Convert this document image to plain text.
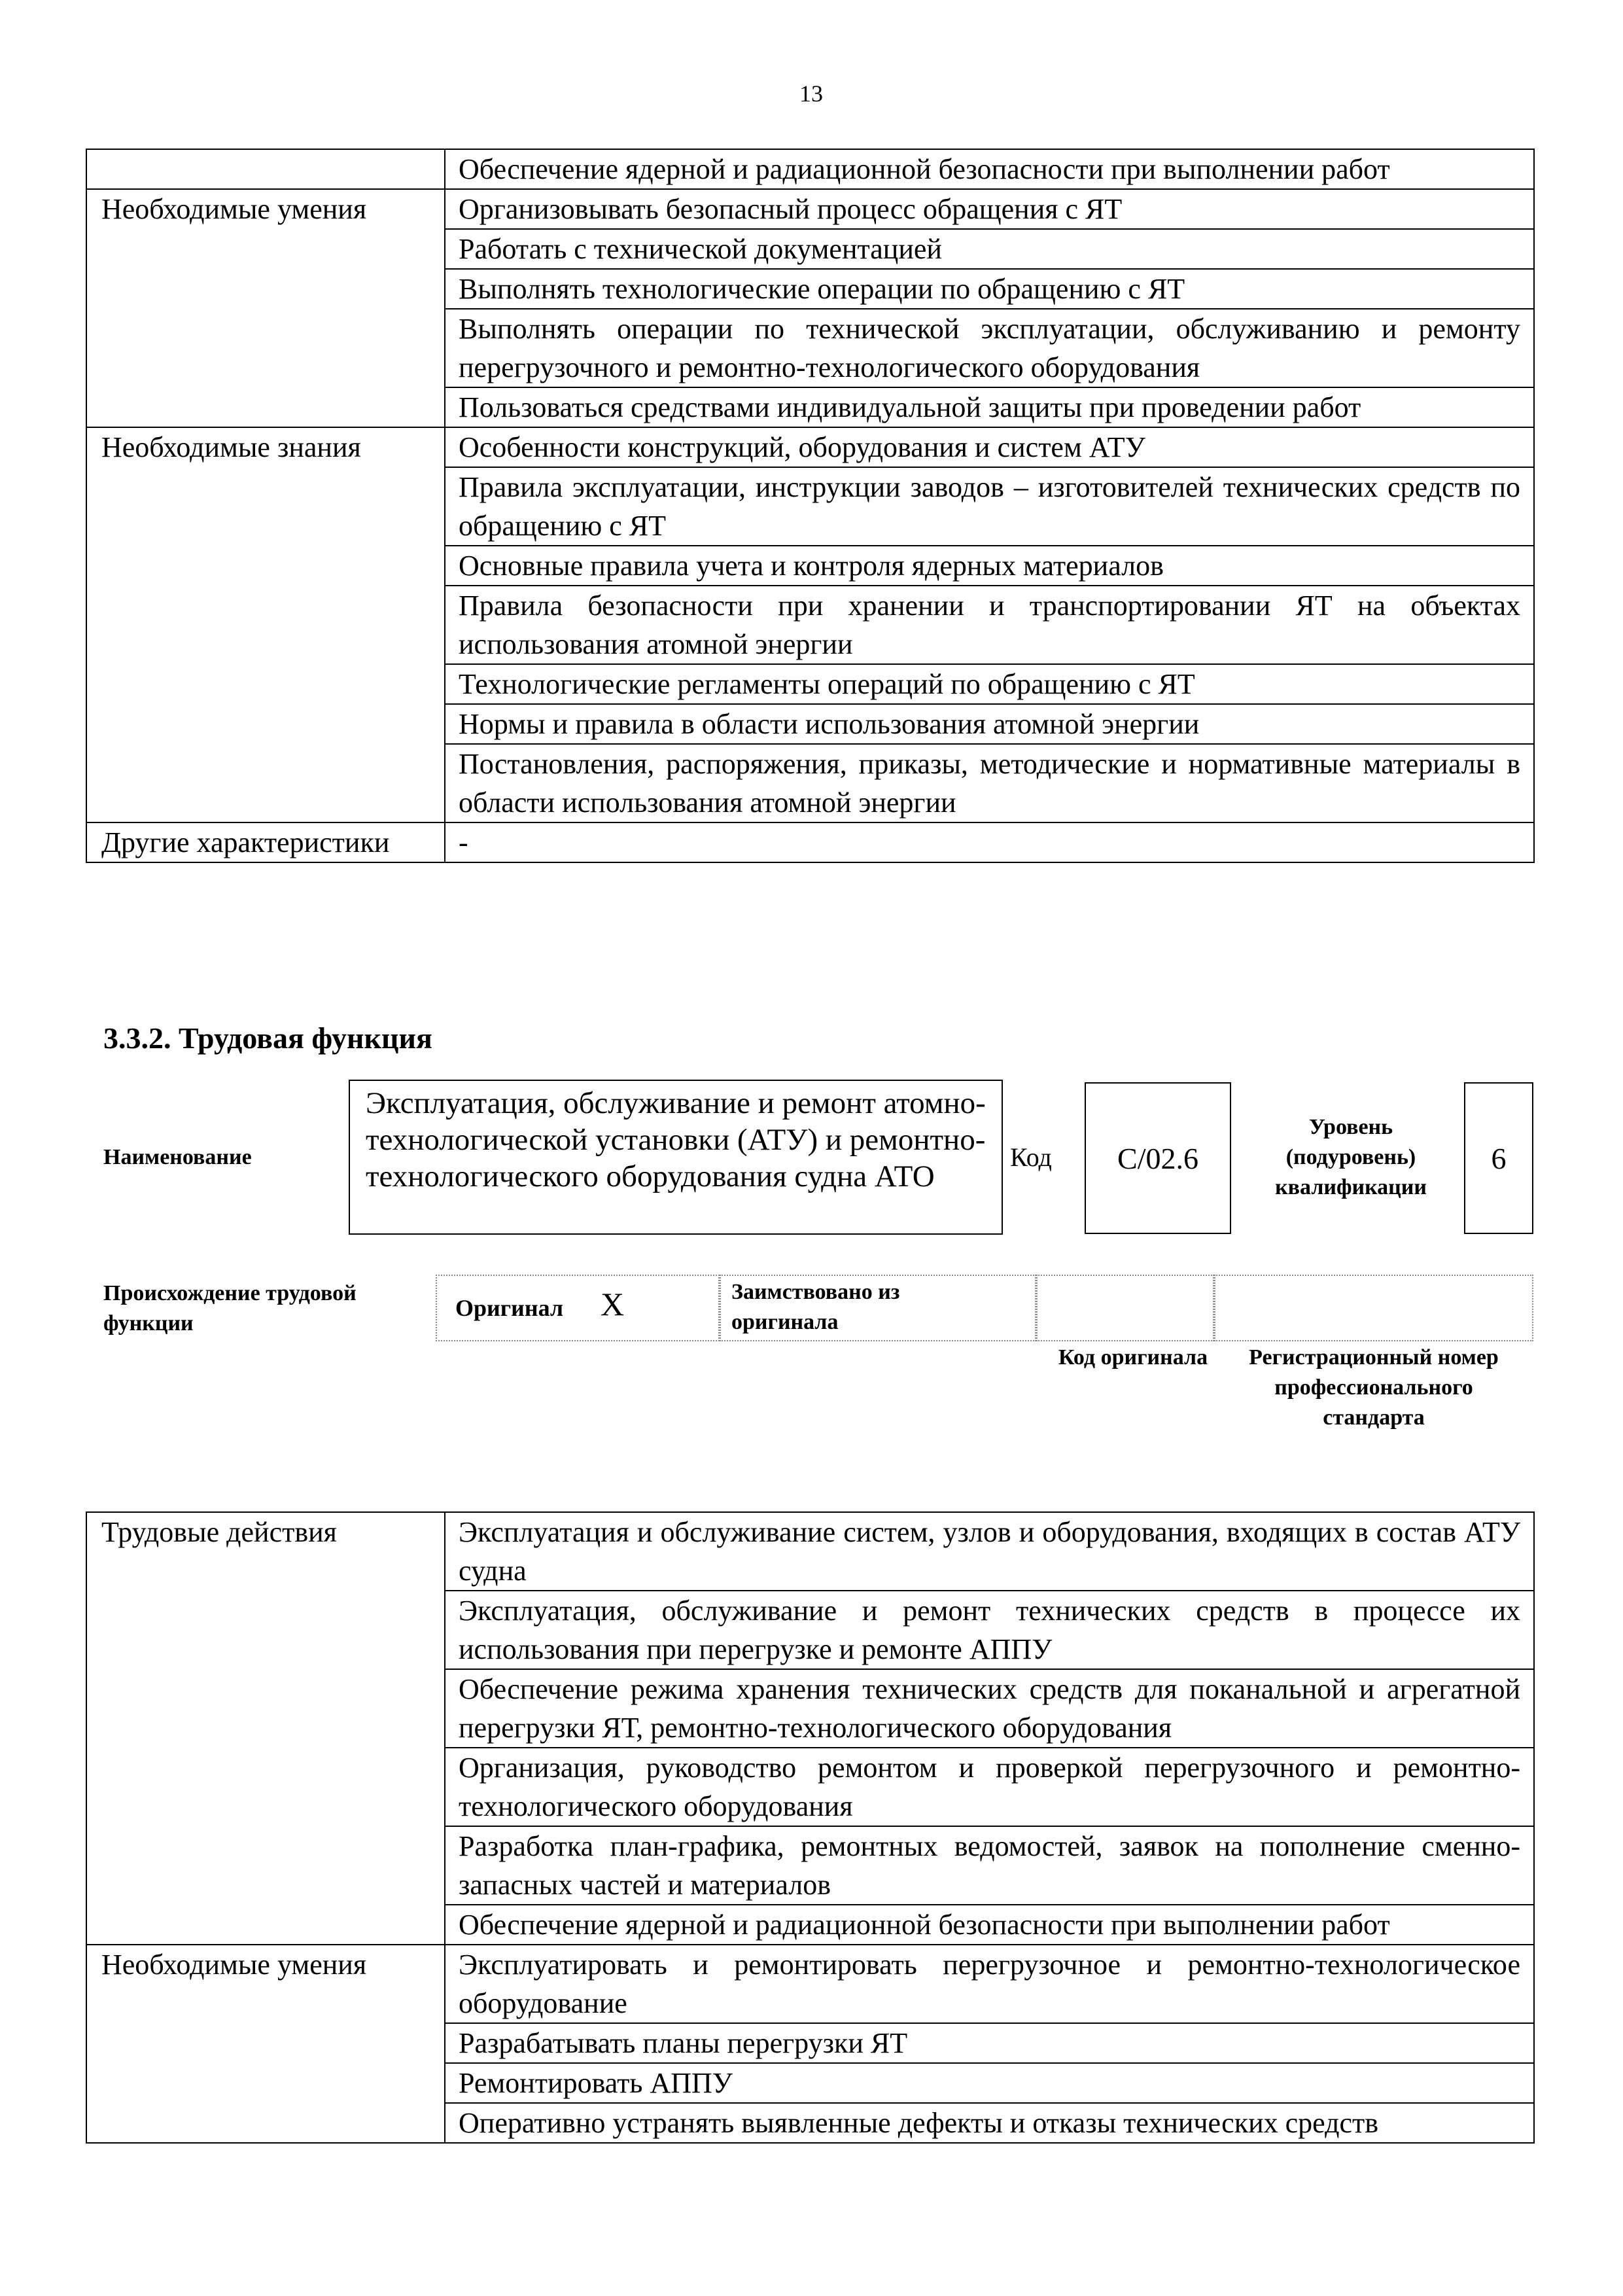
13
	Обеспечение ядерной и радиационной безопасности при выполнении работ
Необходимые умения	Организовывать безопасный процесс обращения с ЯТ
	Работать с технической документацией
	Выполнять технологические операции по обращению с ЯТ
	Выполнять операции по технической эксплуатации, обслуживанию и ремонту перегрузочного и ремонтно-технологического оборудования
	Пользоваться средствами индивидуальной защиты при проведении работ
Необходимые знания	Особенности конструкций, оборудования и систем АТУ
	Правила эксплуатации, инструкции заводов – изготовителей технических средств по обращению с ЯТ
	Основные правила учета и контроля ядерных материалов
	Правила безопасности при хранении и транспортировании ЯТ на объектах использования атомной энергии
	Технологические регламенты операций по обращению с ЯТ
	Нормы и правила в области использования атомной энергии
	Постановления, распоряжения, приказы, методические и нормативные материалы в области использования атомной энергии
Другие характеристики	-
3.3.2. Трудовая функция
Наименование
Эксплуатация, обслуживание и ремонт атомно-технологической установки (АТУ) и ремонтно-технологического оборудования судна АТО
Код C/02.6
Уровень (подуровень) квалификации
6
Происхождение трудовой функции
Оригинал X	Заимствовано из оригинала
Код оригинала	Регистрационный номер профессионального стандарта
Трудовые действия	Эксплуатация и обслуживание систем, узлов и оборудования, входящих в состав АТУ судна
	Эксплуатация, обслуживание и ремонт технических средств в процессе их использования при перегрузке и ремонте АППУ
	Обеспечение режима хранения технических средств для поканальной и агрегатной перегрузки ЯТ, ремонтно-технологического оборудования
	Организация, руководство ремонтом и проверкой перегрузочного и ремонтно-технологического оборудования
	Разработка план-графика, ремонтных ведомостей, заявок на пополнение сменно-запасных частей и материалов
	Обеспечение ядерной и радиационной безопасности при выполнении работ
Необходимые умения	Эксплуатировать и ремонтировать перегрузочное и ремонтно-технологическое оборудование
	Разрабатывать планы перегрузки ЯТ
	Ремонтировать АППУ
	Оперативно устранять выявленные дефекты и отказы технических средств
